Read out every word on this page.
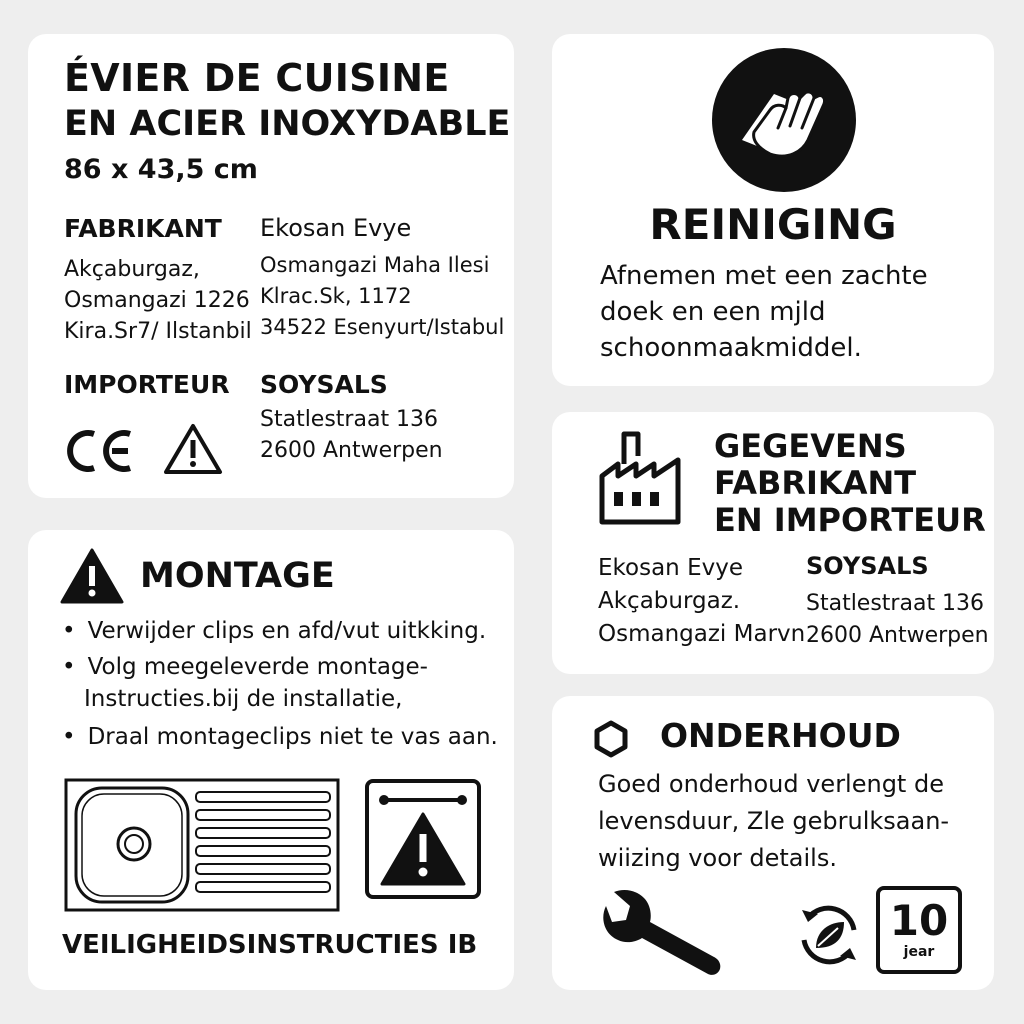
ÉVIER DE CUISINE
EN ACIER INOXYDABLE
86 x 43,5 cm
FABRIKANT
Akçaburgaz,
Osmangazi 1226
Kira.Sr7/ Ilstanbil
Ekosan Evye
Osmangazi Maha Ilesi
Klrac.Sk, 1172
34522 Esenyurt/Istabul
IMPORTEUR SOYSALS
Statlestraat 136
2600 Antwerpen
REINIGING
Afnemen met een zachte
doek en een mjld
schoonmaakmiddel.
MONTAGE
• Verwijder clips en afd/vut uitkking.
• Volg meegeleverde montage-
Instructies.bij de installatie,
• Draal montageclips niet te vas aan.
VEILIGHEIDSINSTRUCTIES IB
GEGEVENS
FABRIKANT
EN IMPORTEUR
Ekosan Evye
Akçaburgaz.
Osmangazi Marvn
SOYSALS
Statlestraat 136
2600 Antwerpen
ONDERHOUD
Goed onderhoud verlengt de
levensduur, Zle gebrulksaan-
wiizing voor details.
10
jear
